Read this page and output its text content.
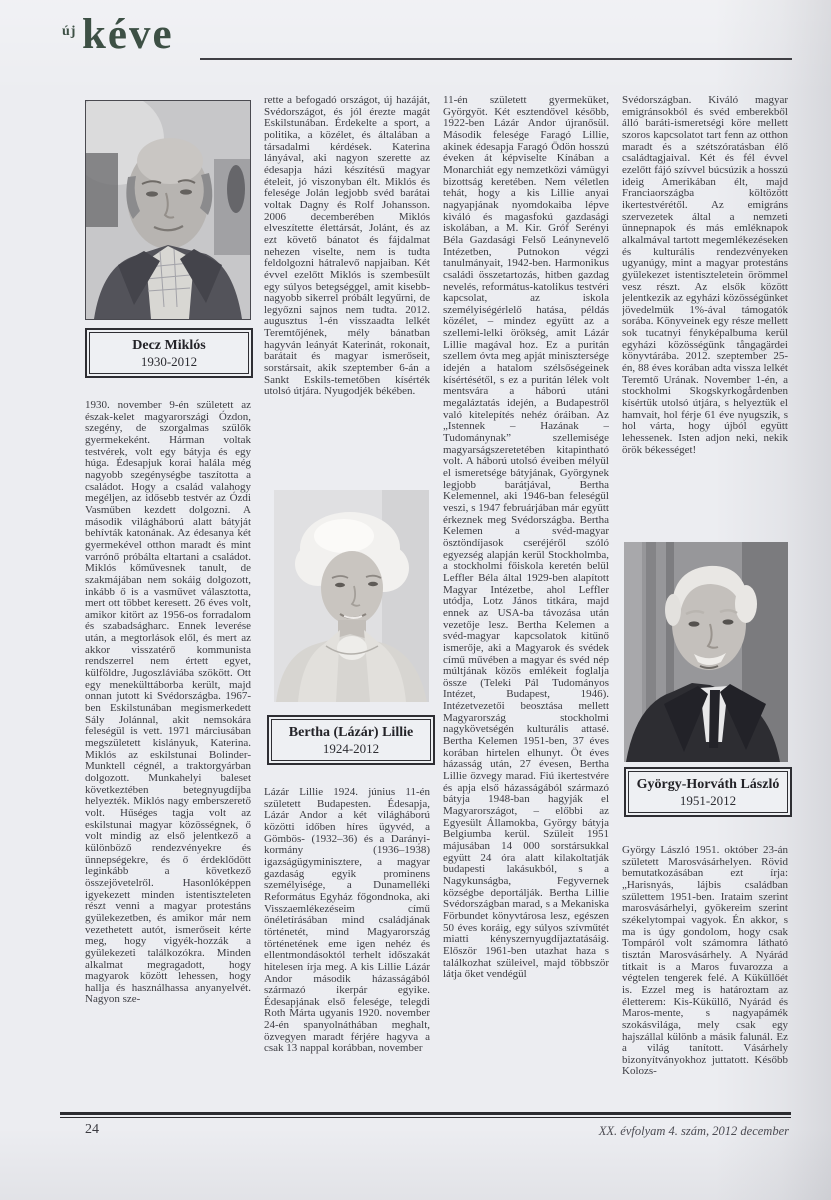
új kéve
Decz Miklós
1930-2012
1930. november 9-én született az észak-kelet magyarországi Ózdon, szegény, de szorgalmas szülők gyermekeként. Hárman voltak testvérek, volt egy bátyja és egy húga. Édesapjuk korai halála még nagyobb szegénységbe taszította a családot. Hogy a család valahogy megéljen, az idősebb testvér az Ózdi Vasműben kezdett dolgozni. A második világháború alatt bátyját behívták katonának. Az édesanya két gyermekével otthon maradt és mint varrónő próbálta eltartani a családot. Miklós kőművesnek tanult, de szakmájában nem sokáig dolgozott, inkább ő is a vasművet választotta, mert ott többet keresett. 26 éves volt, amikor kitört az 1956-os forradalom és szabadságharc. Ennek leverése után, a megtorlások elől, és mert az akkor visszatérő kommunista rendszerrel nem értett egyet, külföldre, Jugoszláviába szökött. Ott egy menekülttáborba került, majd onnan jutott ki Svédországba. 1967-ben Eskilstunában megismerkedett Sály Jolánnal, akit nemsokára feleségül is vett. 1971 márciusában megszületett kislányuk, Katerina. Miklós az eskilstunai Bolinder-Munktell cégnél, a traktorgyárban dolgozott. Munkahelyi baleset következtében betegnyugdíjba helyezték. Miklós nagy emberszerető volt. Hűséges tagja volt az eskilstunai magyar közösségnek, ő volt mindig az első jelentkező a különböző rendezvényekre és ünnepségekre, és ő érdeklődött leginkább a következő összejövetelről. Hasonlóképpen igyekezett minden istentiszteleten részt venni a magyar protestáns gyülekezetben, és amikor már nem vezethetett autót, ismerőseit kérte meg, hogy vigyék-hozzák a gyülekezeti találkozókra. Minden alkalmat megragadott, hogy magyarok között lehessen, hogy hallja és használhassa anyanyelvét. Nagyon sze-
rette a befogadó országot, új hazáját, Svédországot, és jól érezte magát Eskilstunában. Érdekelte a sport, a politika, a közélet, és általában a társadalmi kérdések. Katerina lányával, aki nagyon szerette az édesapja házi készítésű magyar ételeit, jó viszonyban élt. Miklós és felesége Jolán legjobb svéd barátai voltak Dagny és Rolf Johansson. 2006 decemberében Miklós elveszítette élettársát, Jolánt, és az ezt követő bánatot és fájdalmat nehezen viselte, nem is tudta feldolgozni hátralevő napjaiban. Két évvel ezelőtt Miklós is szembesült egy súlyos betegséggel, amit kisebb-nagyobb sikerrel próbált legyűrni, de legyőzni sajnos nem tudta. 2012. augusztus 1-én visszaadta lelkét Teremtőjének, mély bánatban hagyván leányát Katerinát, rokonait, barátait és magyar ismerőseit, sorstársait, akik szeptember 6-án a Sankt Eskils-temetőben kísérték utolsó útjára. Nyugodjék békében.
Bertha (Lázár) Lillie
1924-2012
Lázár Lillie 1924. június 11-én született Budapesten. Édesapja, Lázár Andor a két világháború közötti időben híres ügyvéd, a Gömbös- (1932–36) és a Darányi-kormány (1936–1938) igazságügyminisztere, a magyar gazdaság egyik prominens személyisége, a Dunamelléki Református Egyház főgondnoka, aki Visszaemlékezéseim című önéletírásában mind családjának történetét, mind Magyarország történetének eme igen nehéz és ellentmondásoktól terhelt időszakát hitelesen írja meg. A kis Lillie Lázár Andor második házasságából származó ikerpár egyike. Édesapjának első felesége, telegdi Roth Márta ugyanis 1920. november 24-én spanyolnáthában meghalt, özvegyen maradt férjére hagyva a csak 13 nappal korábban, november
11-én született gyermeküket, Györgyöt. Két esztendővel később, 1922-ben Lázár Andor újranősül. Második felesége Faragó Lillie, akinek édesapja Faragó Ödön hosszú éveken át képviselte Kínában a Monarchiát egy nemzetközi vámügyi bizottság keretében. Nem véletlen tehát, hogy a kis Lillie anyai nagyapjának nyomdokaiba lépve kiváló és magasfokú gazdasági iskolában, a M. Kir. Gróf Serényi Béla Gazdasági Felső Leánynevelő Intézetben, Putnokon végzi tanulmányait, 1942-ben. Harmonikus családi összetartozás, hitben gazdag nevelés, református-katolikus testvéri kapcsolat, az iskola személyiségérlelő hatása, példás közélet, – mindez együtt az a szellemi-lelki örökség, amit Lázár Lillie magával hoz. Ez a puritán szellem óvta meg apját minisztersége idején a hatalom szélsőségeinek kísértésétől, s ez a puritán lélek volt mentsvára a háború utáni megaláztatás idején, a Budapestről való kitelepítés nehéz óráiban. Az „Istennek – Hazának – Tudománynak” szellemisége magyarságszeretetében kitapintható volt. A háború utolsó éveiben mélyül el ismeretsége bátyjának, Györgynek legjobb barátjával, Bertha Kelemennel, aki 1946-ban feleségül veszi, s 1947 februárjában már együtt érkeznek meg Svédországba. Bertha Kelemen a svéd-magyar ösztöndíjasok cseréjéről szóló egyezség alapján kerül Stockholmba, a stockholmi főiskola keretén belül Leffler Béla által 1929-ben alapított Magyar Intézetbe, ahol Leffler utódja, Lotz János titkára, majd ennek az USA-ba távozása után vezetője lesz. Bertha Kelemen a svéd-magyar kapcsolatok kitűnő ismerője, aki a Magyarok és svédek című művében a magyar és svéd nép múltjának közös emlékeit foglalja össze (Teleki Pál Tudományos Intézet, Budapest, 1946). Intézetvezetői beosztása mellett Magyarország stockholmi nagykövetségén kulturális attasé. Bertha Kelemen 1951-ben, 37 éves korában hirtelen elhunyt. Öt éves házasság után, 27 évesen, Bertha Lillie özvegy marad. Fiú ikertestvére és apja első házasságából származó bátyja 1948-ban hagyják el Magyarországot, – előbbi az Egyesült Államokba, György bátyja Belgiumba kerül. Szüleit 1951 májusában 14 000 sorstársukkal együtt 24 óra alatt kilakoltatják budapesti lakásukból, s a Nagykunságba, Fegyvernek községbe deportálják. Bertha Lillie Svédországban marad, s a Mekaniska Förbundet könyvtárosa lesz, egészen 50 éves koráig, egy súlyos szívműtét miatti kényszernyugdíjaztatásáig. Először 1961-ben utazhat haza s találkozhat szüleivel, majd többször látja őket vendégül
Svédországban. Kiváló magyar emigránsokból és svéd emberekből álló baráti-ismeretségi köre mellett szoros kapcsolatot tart fenn az otthon maradt és a szétszóratásban élő családtagjaival. Két és fél évvel ezelőtt fájó szívvel búcsúzik a hosszú ideig Amerikában élt, majd Franciaországba költözött ikertestvérétől. Az emigráns szervezetek által a nemzeti ünnepnapok és más emléknapok alkalmával tartott megemlékezéseken és kulturális rendezvényeken ugyanúgy, mint a magyar protestáns gyülekezet istentiszteletein örömmel vesz részt. Az elsők között jelentkezik az egyházi közösségünket jövedelmük 1%-ával támogatók sorába. Könyveinek egy része mellett sok tucatnyi fényképalbuma kerül egyházi közösségünk tångagärdei könyvtárába. 2012. szeptember 25-én, 88 éves korában adta vissza lelkét Teremtő Urának. November 1-én, a stockholmi Skogskyrkogårdenben kísértük utolsó útjára, s helyeztük el hamvait, hol férje 61 éve nyugszik, s hol várta, hogy újból együtt lehessenek. Isten adjon neki, nekik örök békességet!
György-Horváth László
1951-2012
György László 1951. október 23-án született Marosvásárhelyen. Rövid bemutatkozásában ezt írja: „Harisnyás, lájbis családban születtem 1951-ben. Irataim szerint marosvásárhelyi, gyökereim szerint székelytompai vagyok. Én akkor, s ma is úgy gondolom, hogy csak Tompáról volt számomra látható tisztán Marosvásárhely. A Nyárád titkait is a Maros fuvarozza a végtelen tengerek felé. A Küküllőét is. Ezzel meg is határoztam az életterem: Kis-Küküllő, Nyárád és Maros-mente, s nagyapámék szokásvilága, mely csak egy hajszállal különb a másik falunál. Ez a világ tanított. Vásárhely bizonyítványokhoz juttatott. Később Kolozs-
24	XX. évfolyam 4. szám, 2012 december
